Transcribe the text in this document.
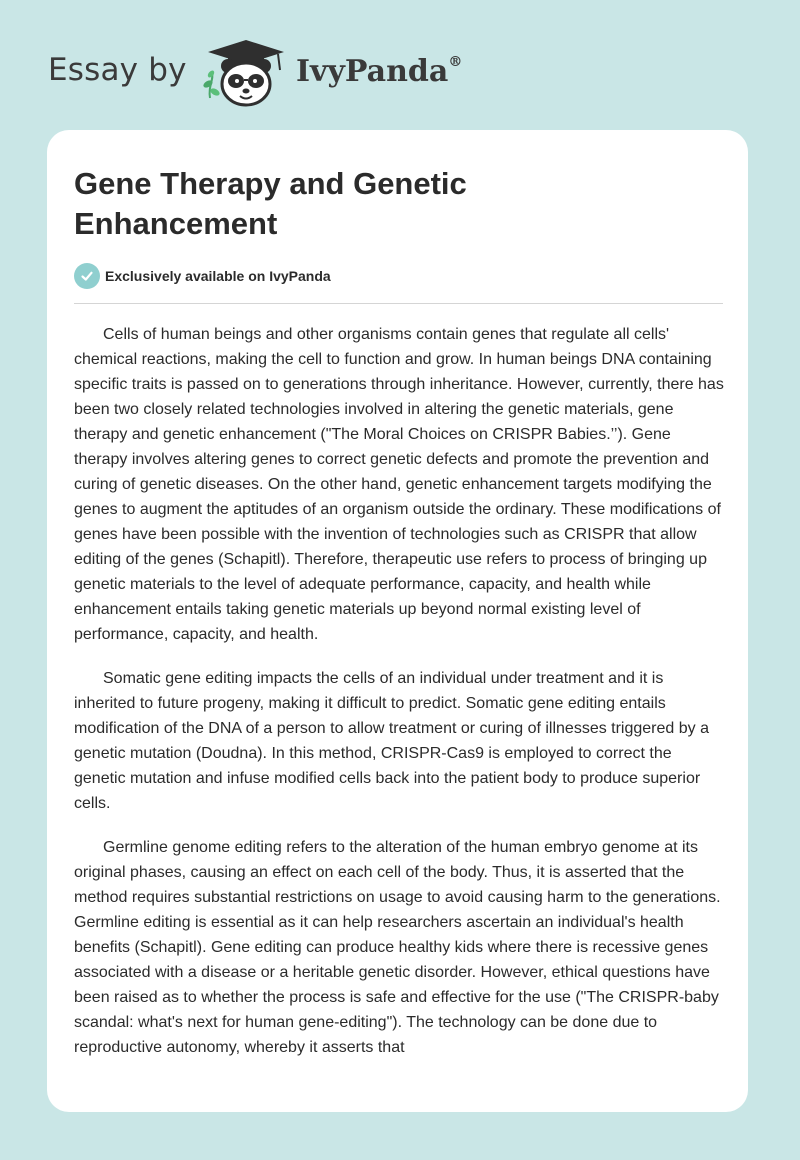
Essay by	IvyPanda®
Gene Therapy and Genetic Enhancement
Exclusively available on IvyPanda

Cells of human beings and other organisms contain genes that regulate all cells' chemical reactions, making the cell to function and grow. In human beings DNA containing specific traits is passed on to generations through inheritance. However, currently, there has been two closely related technologies involved in altering the genetic materials, gene therapy and genetic enhancement ("The Moral Choices on CRISPR Babies.’’). Gene therapy involves altering genes to correct genetic defects and promote the prevention and curing of genetic diseases. On the other hand, genetic enhancement targets modifying the genes to augment the aptitudes of an organism outside the ordinary. These modifications of genes have been possible with the invention of technologies such as CRISPR that allow editing of the genes (Schapitl). Therefore, therapeutic use refers to process of bringing up genetic materials to the level of adequate performance, capacity, and health while enhancement entails taking genetic materials up beyond normal existing level of performance, capacity, and health.

Somatic gene editing impacts the cells of an individual under treatment and it is inherited to future progeny, making it difficult to predict. Somatic gene editing entails modification of the DNA of a person to allow treatment or curing of illnesses triggered by a genetic mutation (Doudna). In this method, CRISPR-Cas9 is employed to correct the genetic mutation and infuse modified cells back into the patient body to produce superior cells.

Germline genome editing refers to the alteration of the human embryo genome at its original phases, causing an effect on each cell of the body. Thus, it is asserted that the method requires substantial restrictions on usage to avoid causing harm to the generations. Germline editing is essential as it can help researchers ascertain an individual's health benefits (Schapitl). Gene editing can produce healthy kids where there is recessive genes associated with a disease or a heritable genetic disorder. However, ethical questions have been raised as to whether the process is safe and effective for the use ("The CRISPR-baby scandal: what's next for human gene-editing"). The technology can be done due to reproductive autonomy, whereby it asserts that
